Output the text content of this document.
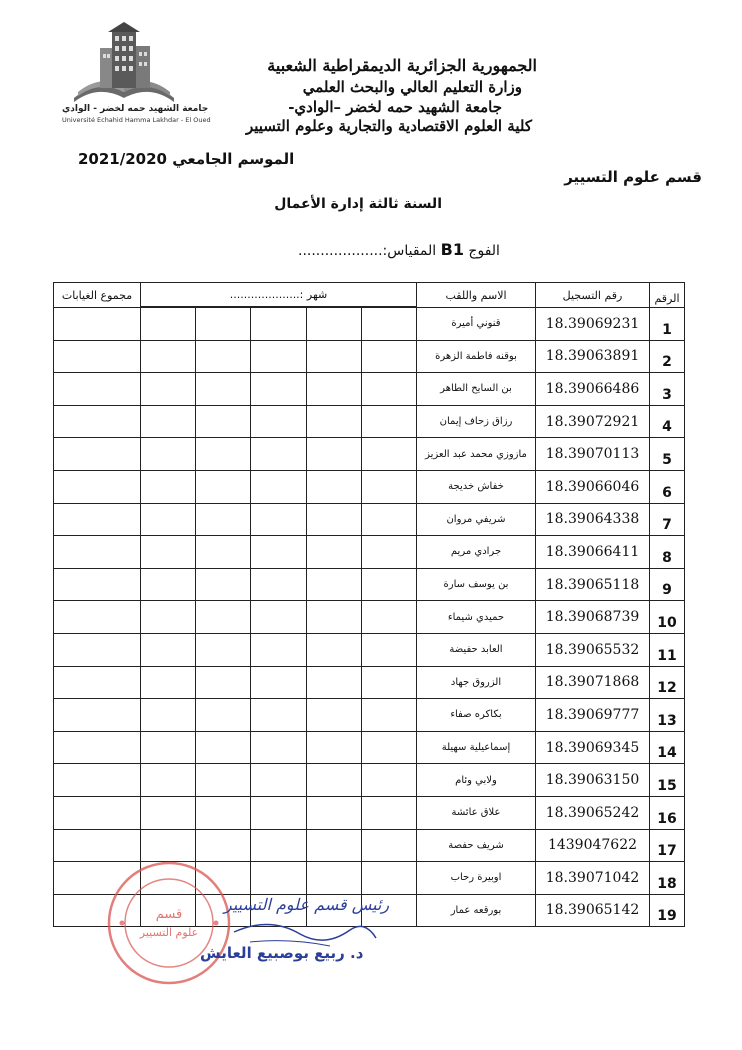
جامعة الشهيد حمه لخضر - الوادي
Université Echahid Hamma Lakhdar - El Oued
الجمهورية الجزائرية الديمقراطية الشعبية
وزارة التعليم العالي والبحث العلمي
جامعة الشهيد حمه لخضر –الوادي-
كلية العلوم الاقتصادية والتجارية وعلوم التسيير
قسم علوم التسيير
الموسم الجامعي 2021/2020
السنة ثالثة إدارة الأعمال
الفوج B1 المقياس:...................
الرقم	رقم التسجيل	الاسم واللقب	شهر :....................					مجموع الغيابات

1	18.39069231	قنوني أميرة						
2	18.39063891	بوقنه فاطمة الزهرة						
3	18.39066486	بن السايح الطاهر						
4	18.39072921	رزاق زحاف إيمان						
5	18.39070113	مازوزي محمد عبد العزيز						
6	18.39066046	خفاش خديجة						
7	18.39064338	شريفي مروان						
8	18.39066411	جرادي مريم						
9	18.39065118	بن يوسف سارة						
10	18.39068739	حميدي شيماء						
11	18.39065532	العابد حفيضة						
12	18.39071868	الزروق جهاد						
13	18.39069777	بكاكره صفاء						
14	18.39069345	إسماعيلية سهيلة						
15	18.39063150	ولابي وئام						
16	18.39065242	علاق عائشة						
17	1439047622	شريف حفصة						
18	18.39071042	اوبيرة رحاب						
19	18.39065142	بورقعه عمار						
قسم
علوم التسيير
رئيس قسم علوم التسيير
د. ربيع بوصبيع العايش
